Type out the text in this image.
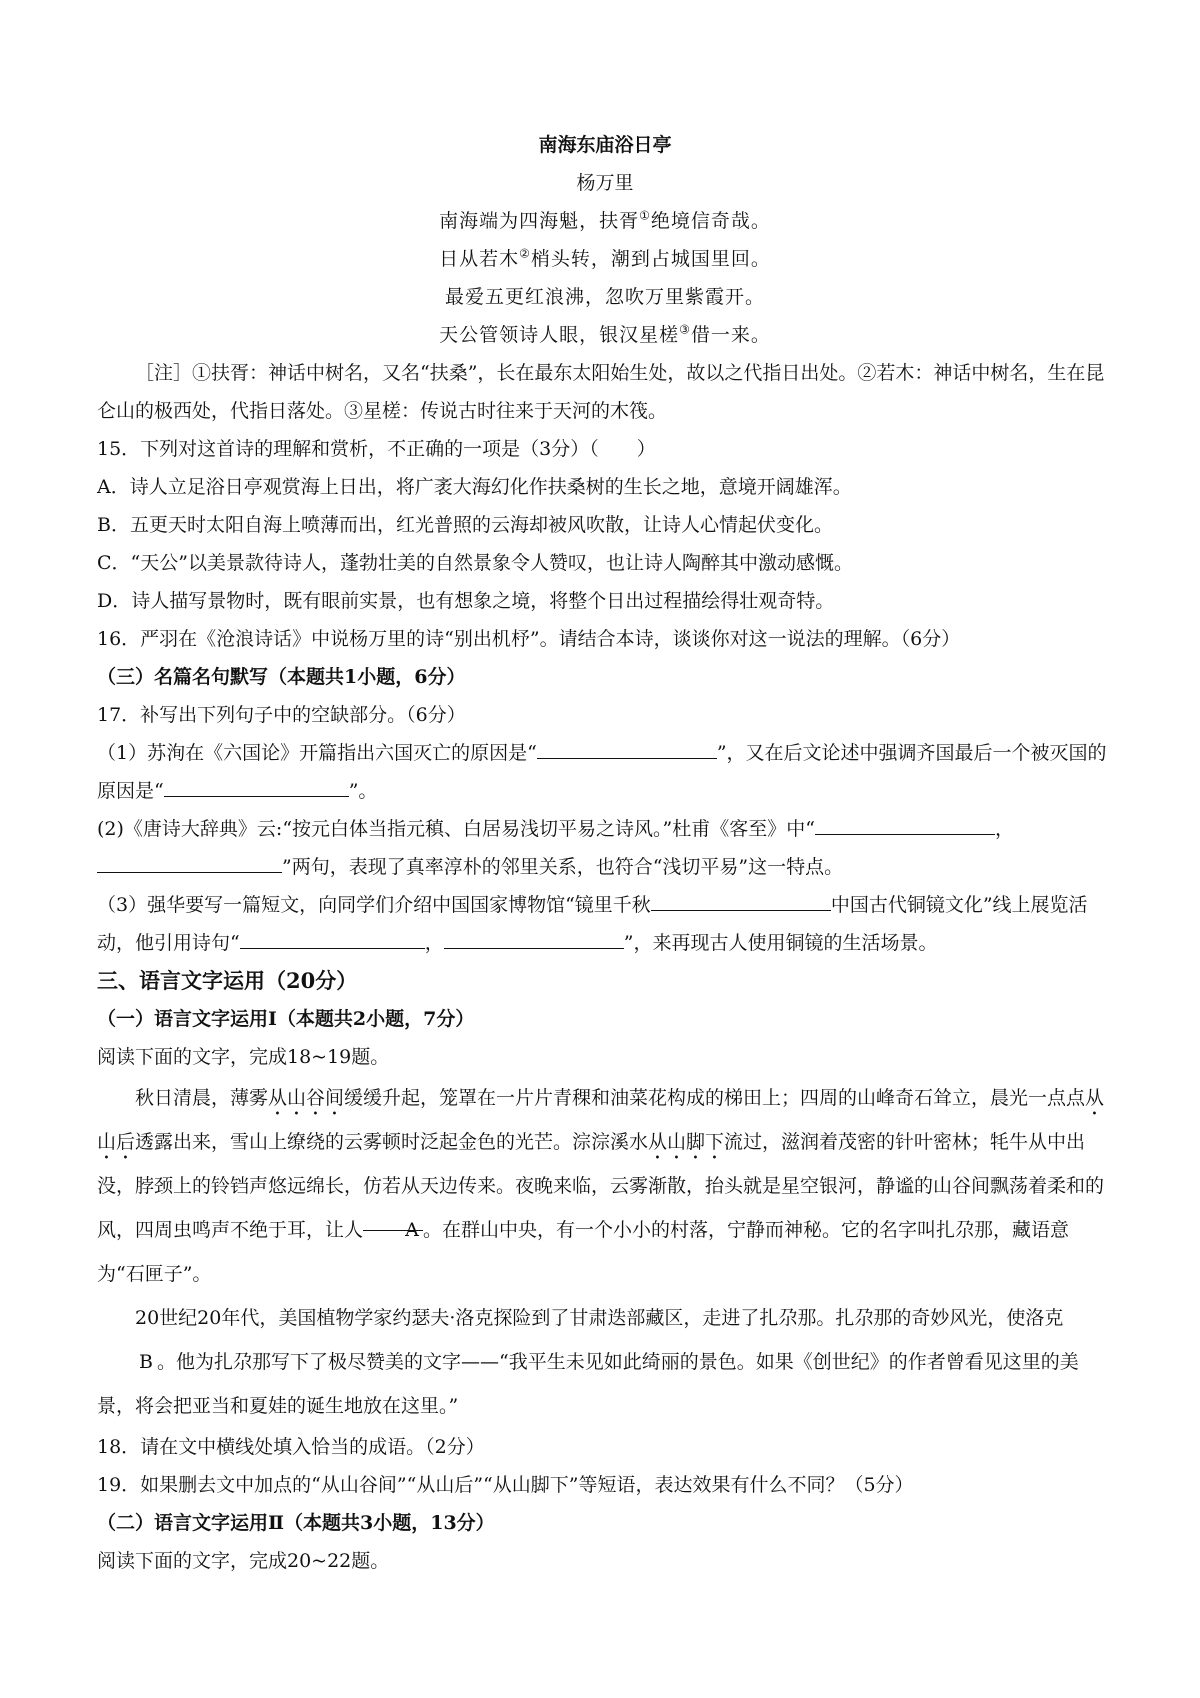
南海东庙浴日亭

杨万里

南海端为四海魁，扶胥①绝境信奇哉。

日从若木②梢头转，潮到占城国里回。

最爱五更红浪沸，忽吹万里紫霞开。

天公管领诗人眼，银汉星槎③借一来。

［注］①扶胥：神话中树名，又名“扶桑”，长在最东太阳始生处，故以之代指日出处。②若木：神话中树名，生在昆仑山的极西处，代指日落处。③星槎：传说古时往来于天河的木筏。

15．下列对这首诗的理解和赏析，不正确的一项是（3分）（　　）

A．诗人立足浴日亭观赏海上日出，将广袤大海幻化作扶桑树的生长之地，意境开阔雄浑。

B．五更天时太阳自海上喷薄而出，红光普照的云海却被风吹散，让诗人心情起伏变化。

C．“天公”以美景款待诗人，蓬勃壮美的自然景象令人赞叹，也让诗人陶醉其中激动感慨。

D．诗人描写景物时，既有眼前实景，也有想象之境，将整个日出过程描绘得壮观奇特。

16．严羽在《沧浪诗话》中说杨万里的诗“别出机杼”。请结合本诗，谈谈你对这一说法的理解。（6分）

（三）名篇名句默写（本题共1小题，6分）

17．补写出下列句子中的空缺部分。（6分）

（1）苏洵在《六国论》开篇指出六国灭亡的原因是“	”，又在后文论述中强调齐国最后一个被灭国的原因是“	”。

(2)《唐诗大辞典》云:“按元白体当指元稹、白居易浅切平易之诗风。”杜甫《客至》中“	，
”两句，表现了真率淳朴的邻里关系，也符合“浅切平易”这一特点。

（3）强华要写一篇短文，向同学们介绍中国国家博物馆“镜里千秋	中国古代铜镜文化”线上展览活动，他引用诗句“	，	”，来再现古人使用铜镜的生活场景。

三、语言文字运用（20分）

（一）语言文字运用Ⅰ（本题共2小题，7分）

阅读下面的文字，完成18~19题。

秋日清晨，薄雾从山谷间缓缓升起，笼罩在一片片青稞和油菜花构成的梯田上；四周的山峰奇石耸立，晨光一点点从山后透露出来，雪山上缭绕的云雾顿时泛起金色的光芒。淙淙溪水从山脚下流过，滋润着茂密的针叶密林；牦牛从中出没，脖颈上的铃铛声悠远绵长，仿若从天边传来。夜晚来临，云雾渐散，抬头就是星空银河，静谧的山谷间飘荡着柔和的风，四周虫鸣声不绝于耳，让人 A 。在群山中央，有一个小小的村落，宁静而神秘。它的名字叫扎尕那，藏语意为“石匣子”。

20世纪20年代，美国植物学家约瑟夫·洛克探险到了甘肃迭部藏区，走进了扎尕那。扎尕那的奇妙风光，使洛克B 。他为扎尕那写下了极尽赞美的文字——“我平生未见如此绮丽的景色。如果《创世纪》的作者曾看见这里的美景，将会把亚当和夏娃的诞生地放在这里。”

18．请在文中横线处填入恰当的成语。（2分）

19．如果删去文中加点的“从山谷间”“从山后”“从山脚下”等短语，表达效果有什么不同？（5分）

（二）语言文字运用Ⅱ（本题共3小题，13分）

阅读下面的文字，完成20~22题。
